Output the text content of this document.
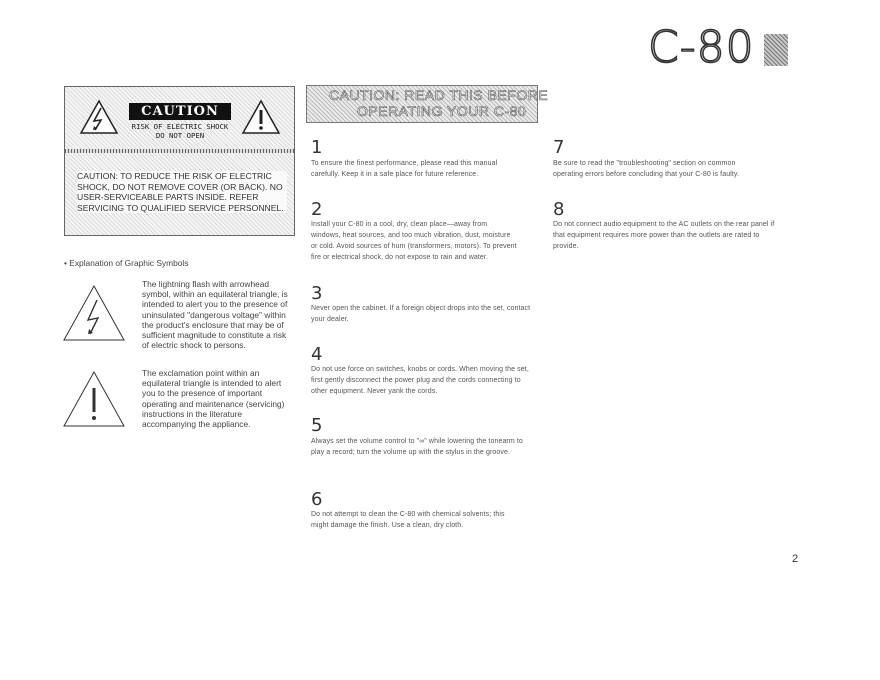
C-80
CAUTION
RISK OF ELECTRIC SHOCK
DO NOT OPEN
CAUTION: TO REDUCE THE RISK OF ELECTRIC SHOCK, DO NOT REMOVE COVER (OR BACK). NO USER-SERVICEABLE PARTS INSIDE. REFER SERVICING TO QUALIFIED SERVICE PERSONNEL.
• Explanation of Graphic Symbols
The lightning flash with arrowhead symbol, within an equilateral triangle, is intended to alert you to the presence of uninsulated "dangerous voltage" within the product's enclosure that may be of sufficient magnitude to constitute a risk of electric shock to persons.
The exclamation point within an equilateral triangle is intended to alert you to the presence of important operating and maintenance (servicing) instructions in the literature accompanying the appliance.
CAUTION: READ THIS BEFORE
OPERATING YOUR C-80
1
To ensure the finest performance, please read this manual carefully. Keep it in a safe place for future reference.
2
Install your C-80 in a cool, dry, clean place—away from windows, heat sources, and too much vibration, dust, moisture or cold. Avoid sources of hum (transformers, motors). To prevent fire or electrical shock, do not expose to rain and water.
3
Never open the cabinet. If a foreign object drops into the set, contact your dealer.
4
Do not use force on switches, knobs or cords. When moving the set, first gently disconnect the power plug and the cords connecting to other equipment. Never yank the cords.
5
Always set the volume control to "∞" while lowering the tonearm to play a record; turn the volume up with the stylus in the groove.
6
Do not attempt to clean the C-80 with chemical solvents; this might damage the finish. Use a clean, dry cloth.
7
Be sure to read the "troubleshooting" section on common operating errors before concluding that your C-80 is faulty.
8
Do not connect audio equipment to the AC outlets on the rear panel if that equipment requires more power than the outlets are rated to provide.
2
